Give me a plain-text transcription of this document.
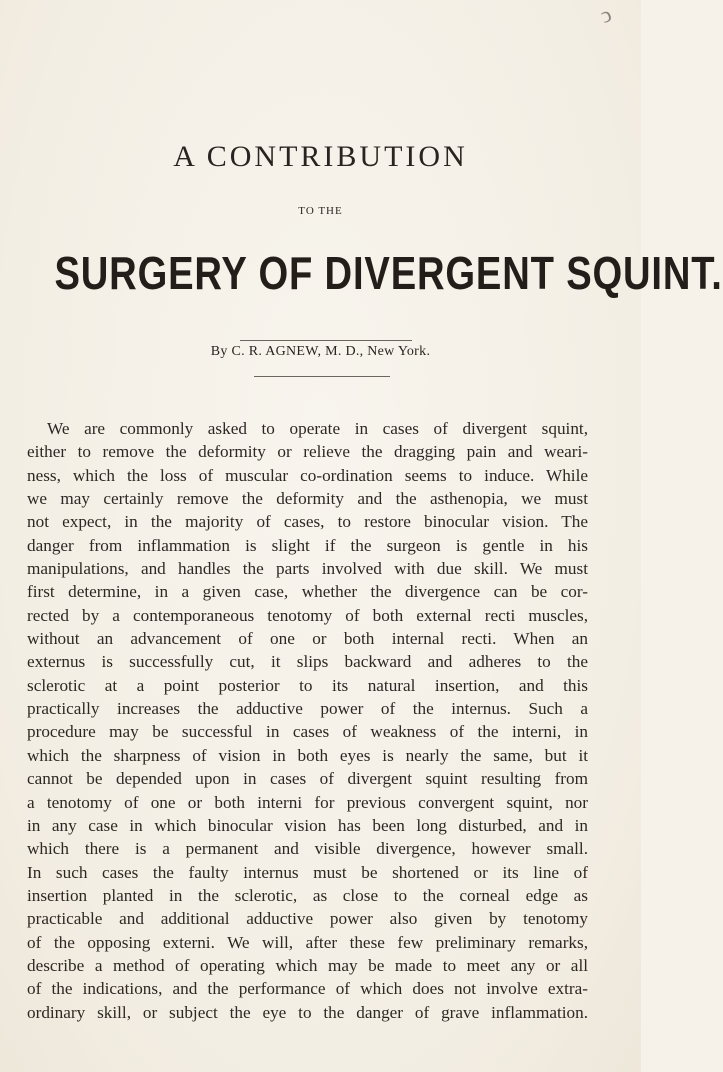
ↄ
A CONTRIBUTION
TO THE
SURGERY OF DIVERGENT SQUINT.
By C. R. AGNEW, M. D., New York.
We are commonly asked to operate in cases of divergent squint,
either to remove the deformity or relieve the dragging pain and weari-
ness, which the loss of muscular co-ordination seems to induce. While
we may certainly remove the deformity and the asthenopia, we must
not expect, in the majority of cases, to restore binocular vision. The
danger from inflammation is slight if the surgeon is gentle in his
manipulations, and handles the parts involved with due skill. We must
first determine, in a given case, whether the divergence can be cor-
rected by a contemporaneous tenotomy of both external recti muscles,
without an advancement of one or both internal recti. When an
externus is successfully cut, it slips backward and adheres to the
sclerotic at a point posterior to its natural insertion, and this
practically increases the adductive power of the internus. Such a
procedure may be successful in cases of weakness of the interni, in
which the sharpness of vision in both eyes is nearly the same, but it
cannot be depended upon in cases of divergent squint resulting from
a tenotomy of one or both interni for previous convergent squint, nor
in any case in which binocular vision has been long disturbed, and in
which there is a permanent and visible divergence, however small.
In such cases the faulty internus must be shortened or its line of
insertion planted in the sclerotic, as close to the corneal edge as
practicable and additional adductive power also given by tenotomy
of the opposing externi. We will, after these few preliminary remarks,
describe a method of operating which may be made to meet any or all
of the indications, and the performance of which does not involve extra-
ordinary skill, or subject the eye to the danger of grave inflammation.
